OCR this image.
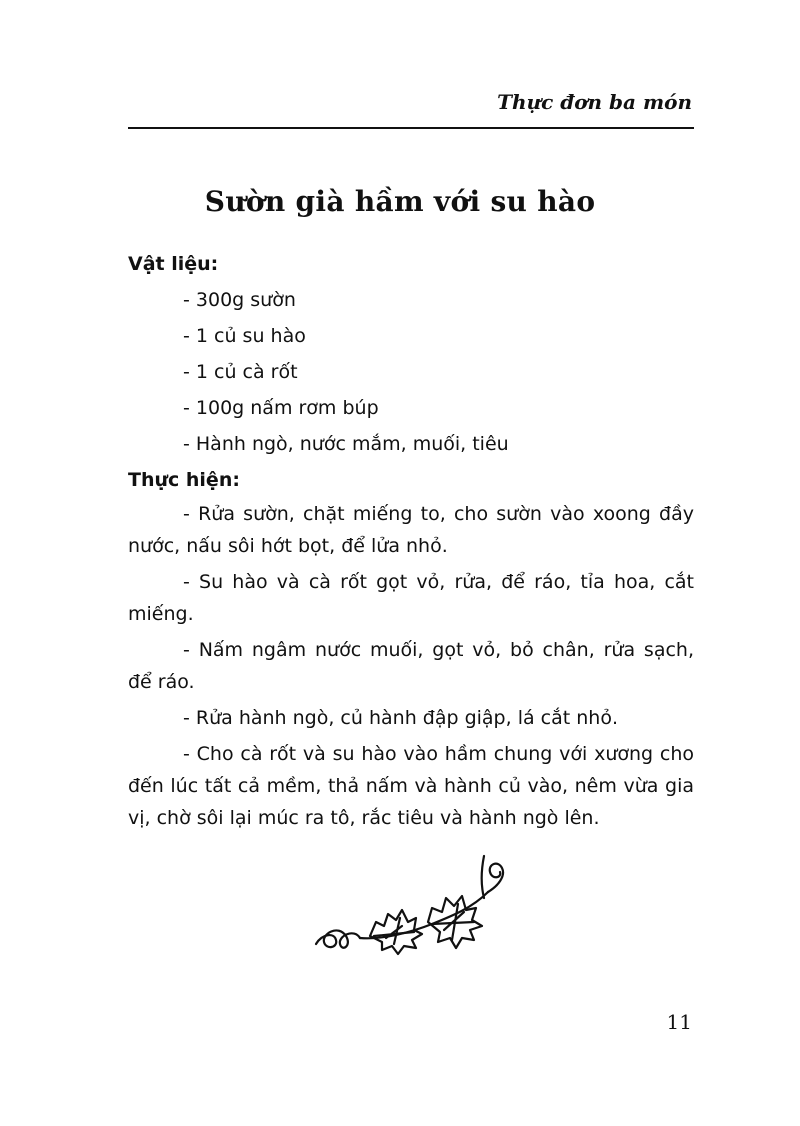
Thực đơn ba món
Sườn già hầm với su hào

Vật liệu:

- 300g sườn
- 1 củ su hào
- 1 củ cà rốt
- 100g nấm rơm búp
- Hành ngò, nước mắm, muối, tiêu

Thực hiện:

- Rửa sườn, chặt miếng to, cho sườn vào xoong đầy nước, nấu sôi hớt bọt, để lửa nhỏ.

- Su hào và cà rốt gọt vỏ, rửa, để ráo, tỉa hoa, cắt miếng.

- Nấm ngâm nước muối, gọt vỏ, bỏ chân, rửa sạch, để ráo.

- Rửa hành ngò, củ hành đập giập, lá cắt nhỏ.

- Cho cà rốt và su hào vào hầm chung với xương cho đến lúc tất cả mềm, thả nấm và hành củ vào, nêm vừa gia vị, chờ sôi lại múc ra tô, rắc tiêu và hành ngò lên.

11
